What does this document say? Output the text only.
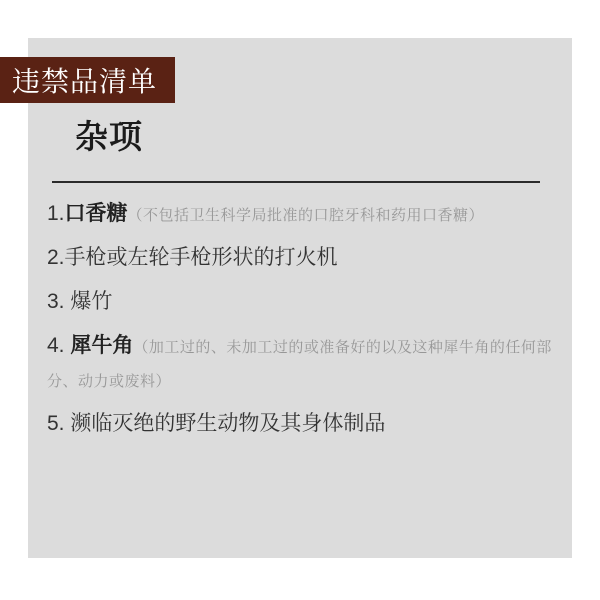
违禁品清单
杂项
1.口香糖（不包括卫生科学局批准的口腔牙科和药用口香糖）
2.手枪或左轮手枪形状的打火机
3. 爆竹
4. 犀牛角（加工过的、未加工过的或准备好的以及这种犀牛角的任何部分、动力或废料）
5. 濒临灭绝的野生动物及其身体制品
